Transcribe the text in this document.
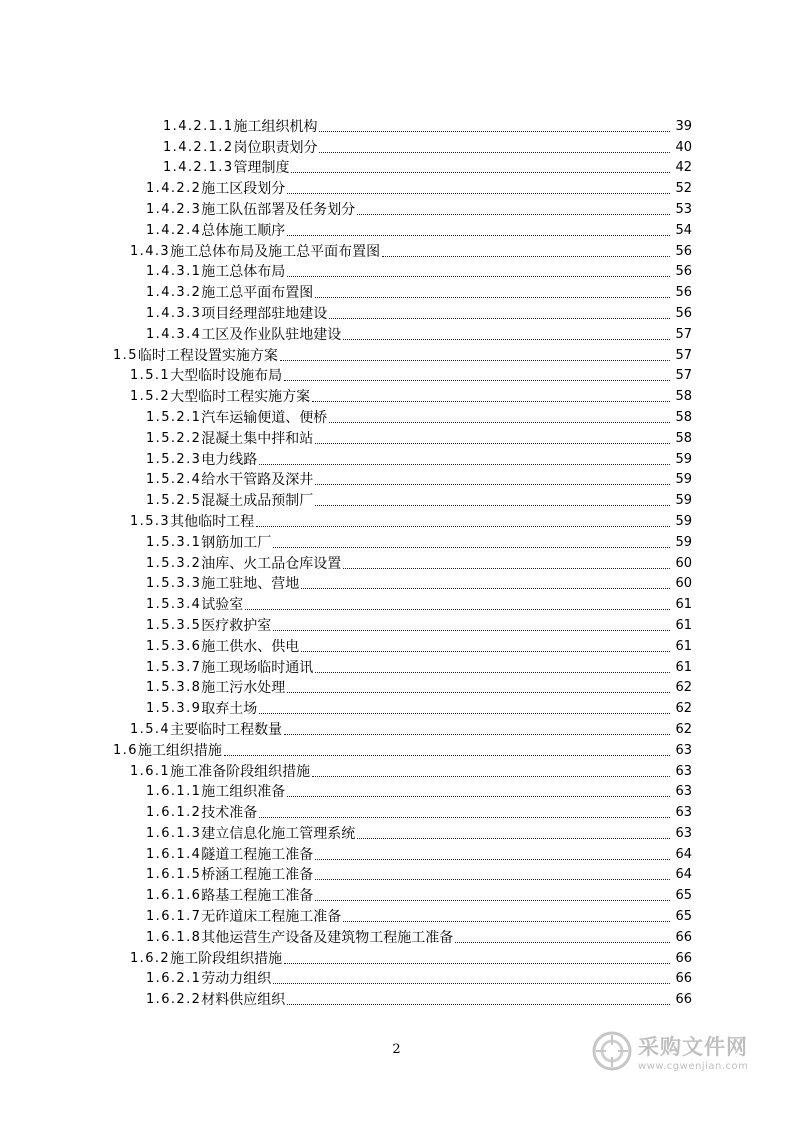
1.4.2.1.1 施工组织机构	39
1.4.2.1.2 岗位职责划分	40
1.4.2.1.3 管理制度	42
1.4.2.2 施工区段划分	52
1.4.2.3 施工队伍部署及任务划分	53
1.4.2.4 总体施工顺序	54
1.4.3 施工总体布局及施工总平面布置图	56
1.4.3.1 施工总体布局	56
1.4.3.2 施工总平面布置图	56
1.4.3.3 项目经理部驻地建设	56
1.4.3.4 工区及作业队驻地建设	57
1.5 临时工程设置实施方案	57
1.5.1 大型临时设施布局	57
1.5.2 大型临时工程实施方案	58
1.5.2.1 汽车运输便道、便桥	58
1.5.2.2 混凝土集中拌和站	58
1.5.2.3 电力线路	59
1.5.2.4 给水干管路及深井	59
1.5.2.5 混凝土成品预制厂	59
1.5.3 其他临时工程	59
1.5.3.1 钢筋加工厂	59
1.5.3.2 油库、火工品仓库设置	60
1.5.3.3 施工驻地、营地	60
1.5.3.4 试验室	61
1.5.3.5 医疗救护室	61
1.5.3.6 施工供水、供电	61
1.5.3.7 施工现场临时通讯	61
1.5.3.8 施工污水处理	62
1.5.3.9 取弃土场	62
1.5.4 主要临时工程数量	62
1.6 施工组织措施	63
1.6.1 施工准备阶段组织措施	63
1.6.1.1 施工组织准备	63
1.6.1.2 技术准备	63
1.6.1.3 建立信息化施工管理系统	63
1.6.1.4 隧道工程施工准备	64
1.6.1.5 桥涵工程施工准备	64
1.6.1.6 路基工程施工准备	65
1.6.1.7 无砟道床工程施工准备	65
1.6.1.8 其他运营生产设备及建筑物工程施工准备	66
1.6.2 施工阶段组织措施	66
1.6.2.1 劳动力组织	66
1.6.2.2 材料供应组织	66
2	采购文件网
www.cgwenjian.com
